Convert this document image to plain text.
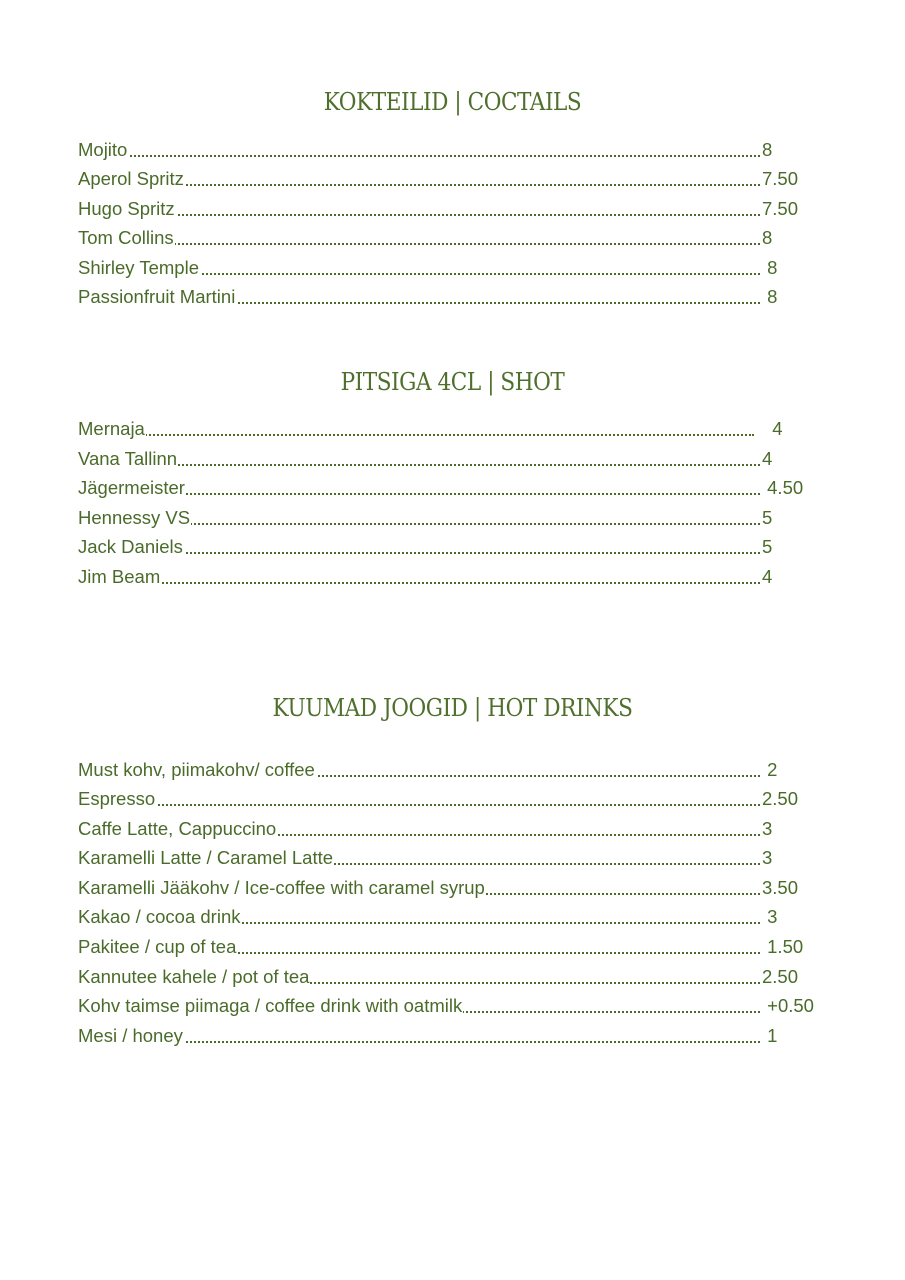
KOKTEILID | COCTAILS
Mojito	8
Aperol Spritz	7.50
Hugo Spritz	7.50
Tom Collins	8
Shirley Temple	8
Passionfruit Martini	8
PITSIGA 4CL | SHOT
Mernaja	4
Vana Tallinn	4
Jägermeister	4.50
Hennessy VS	5
Jack Daniels	5
Jim Beam	4
KUUMAD JOOGID | HOT DRINKS
Must kohv, piimakohv/ coffee	2
Espresso	2.50
Caffe Latte, Cappuccino	3
Karamelli Latte / Caramel Latte	3
Karamelli Jääkohv / Ice-coffee with caramel syrup	3.50
Kakao / cocoa drink	3
Pakitee / cup of tea	1.50
Kannutee kahele / pot of tea	2.50
Kohv taimse piimaga / coffee drink with oatmilk	+0.50
Mesi / honey	1
